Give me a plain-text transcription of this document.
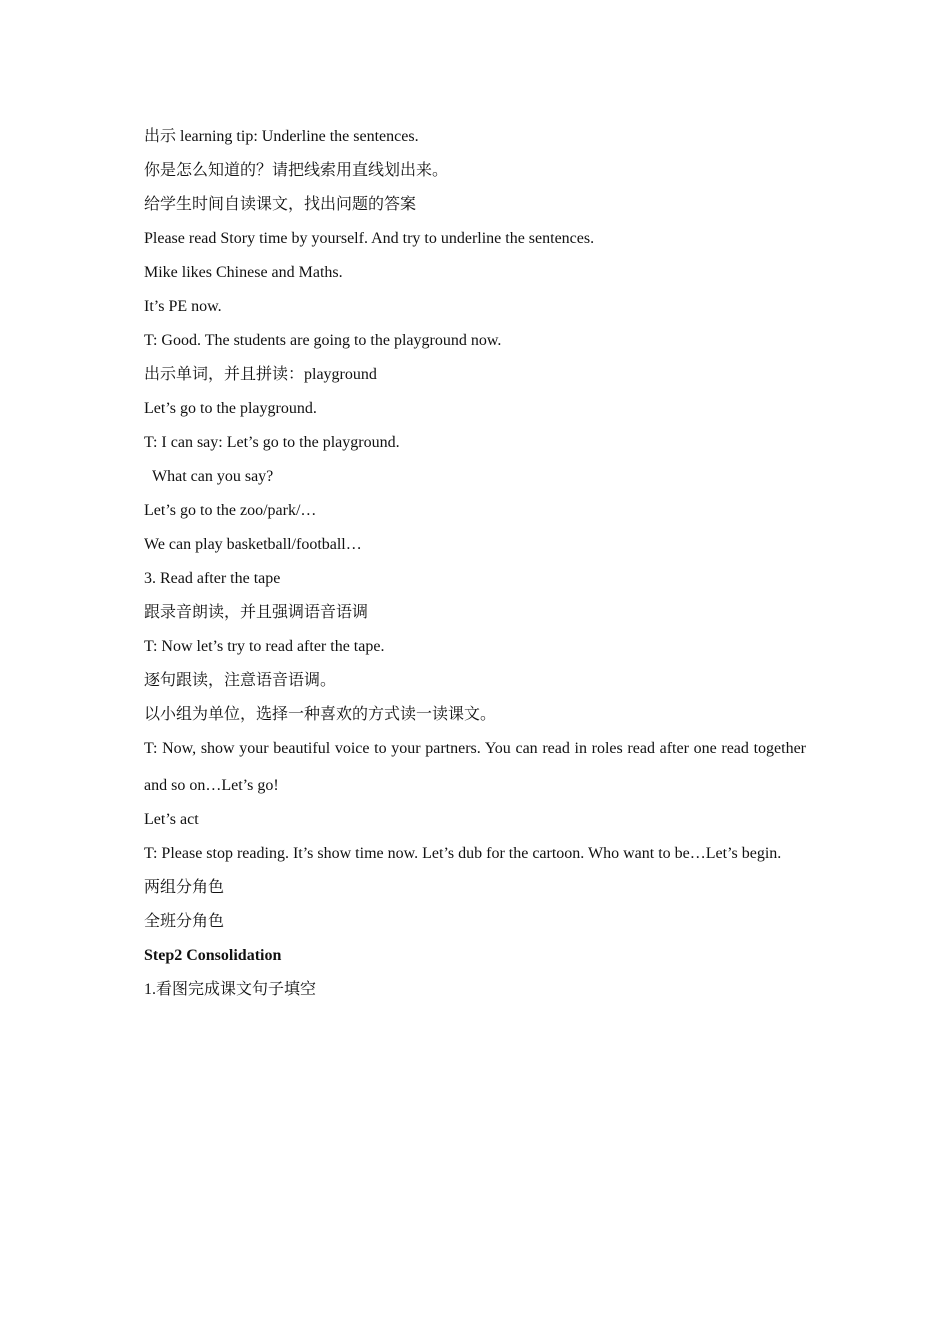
出示 learning tip: Underline the sentences.
你是怎么知道的？请把线索用直线划出来。
给学生时间自读课文，找出问题的答案
Please read Story time by yourself. And try to underline the sentences.
Mike likes Chinese and Maths.
It’s PE now.
T: Good. The students are going to the playground now.
出示单词，并且拼读：playground
Let’s go to the playground.
T: I can say: Let’s go to the playground.
What can you say?
Let’s go to the zoo/park/…
We can play basketball/football…
3. Read after the tape
跟录音朗读，并且强调语音语调
T: Now let’s try to read after the tape.
逐句跟读，注意语音语调。
以小组为单位，选择一种喜欢的方式读一读课文。
T: Now, show your beautiful voice to your partners. You can read in roles read after one read together and so on…Let’s go!
Let’s act
T: Please stop reading. It’s show time now. Let’s dub for the cartoon. Who want to be…Let’s begin.
两组分角色
全班分角色
Step2 Consolidation
1.看图完成课文句子填空
